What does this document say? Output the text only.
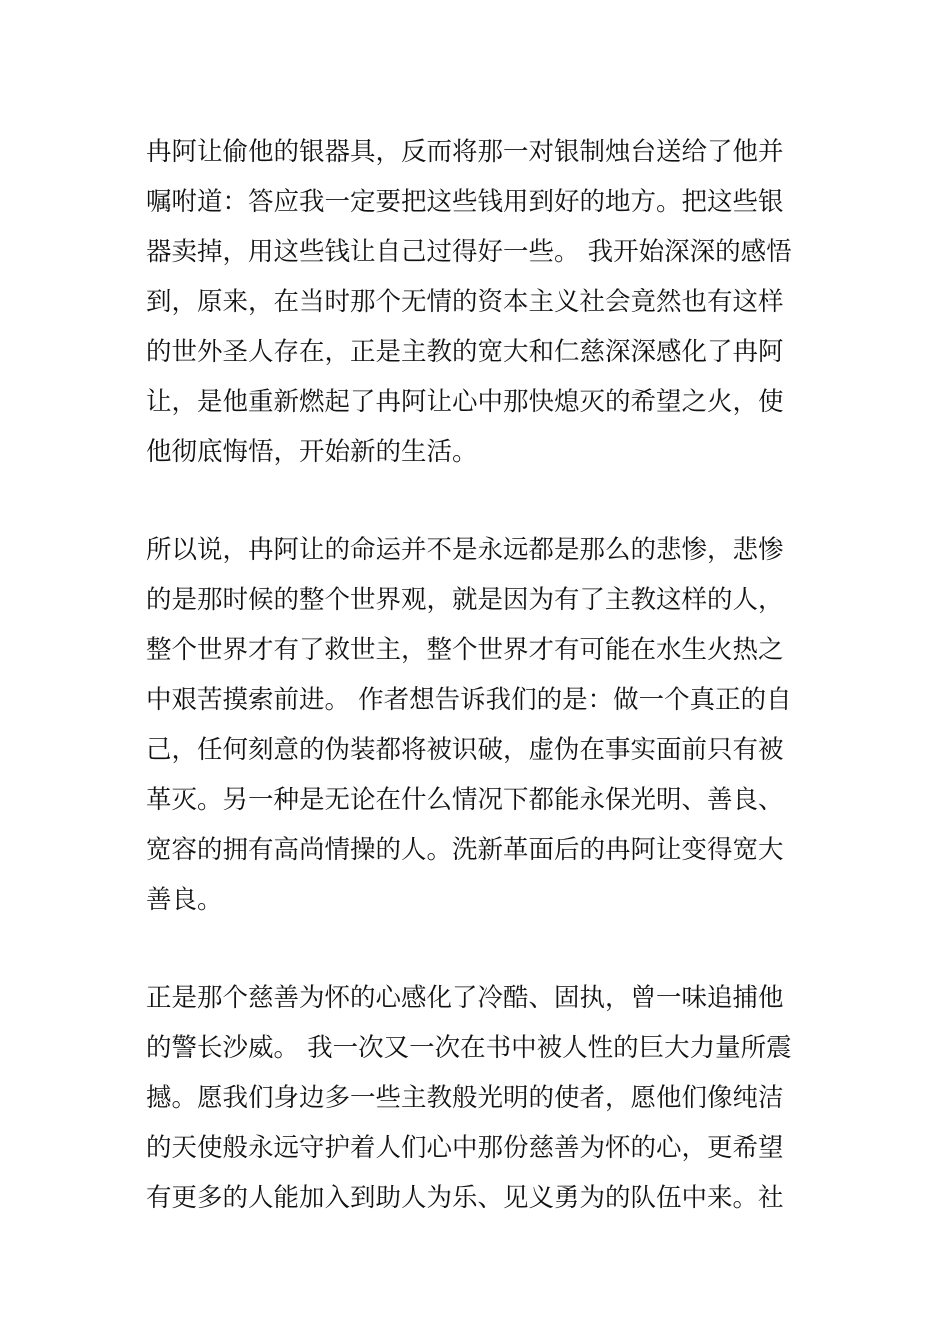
冉阿让偷他的银器具，反而将那一对银制烛台送给了他并
嘱咐道：答应我一定要把这些钱用到好的地方。把这些银
器卖掉，用这些钱让自己过得好一些。 我开始深深的感悟
到，原来，在当时那个无情的资本主义社会竟然也有这样
的世外圣人存在，正是主教的宽大和仁慈深深感化了冉阿
让，是他重新燃起了冉阿让心中那快熄灭的希望之火，使
他彻底悔悟，开始新的生活。
所以说，冉阿让的命运并不是永远都是那么的悲惨，悲惨
的是那时候的整个世界观，就是因为有了主教这样的人，
整个世界才有了救世主，整个世界才有可能在水生火热之
中艰苦摸索前进。 作者想告诉我们的是：做一个真正的自
己，任何刻意的伪装都将被识破，虚伪在事实面前只有被
革灭。另一种是无论在什么情况下都能永保光明、善良、
宽容的拥有高尚情操的人。洗新革面后的冉阿让变得宽大
善良。
正是那个慈善为怀的心感化了冷酷、固执，曾一味追捕他
的警长沙威。 我一次又一次在书中被人性的巨大力量所震
撼。愿我们身边多一些主教般光明的使者，愿他们像纯洁
的天使般永远守护着人们心中那份慈善为怀的心，更希望
有更多的人能加入到助人为乐、见义勇为的队伍中来。社
